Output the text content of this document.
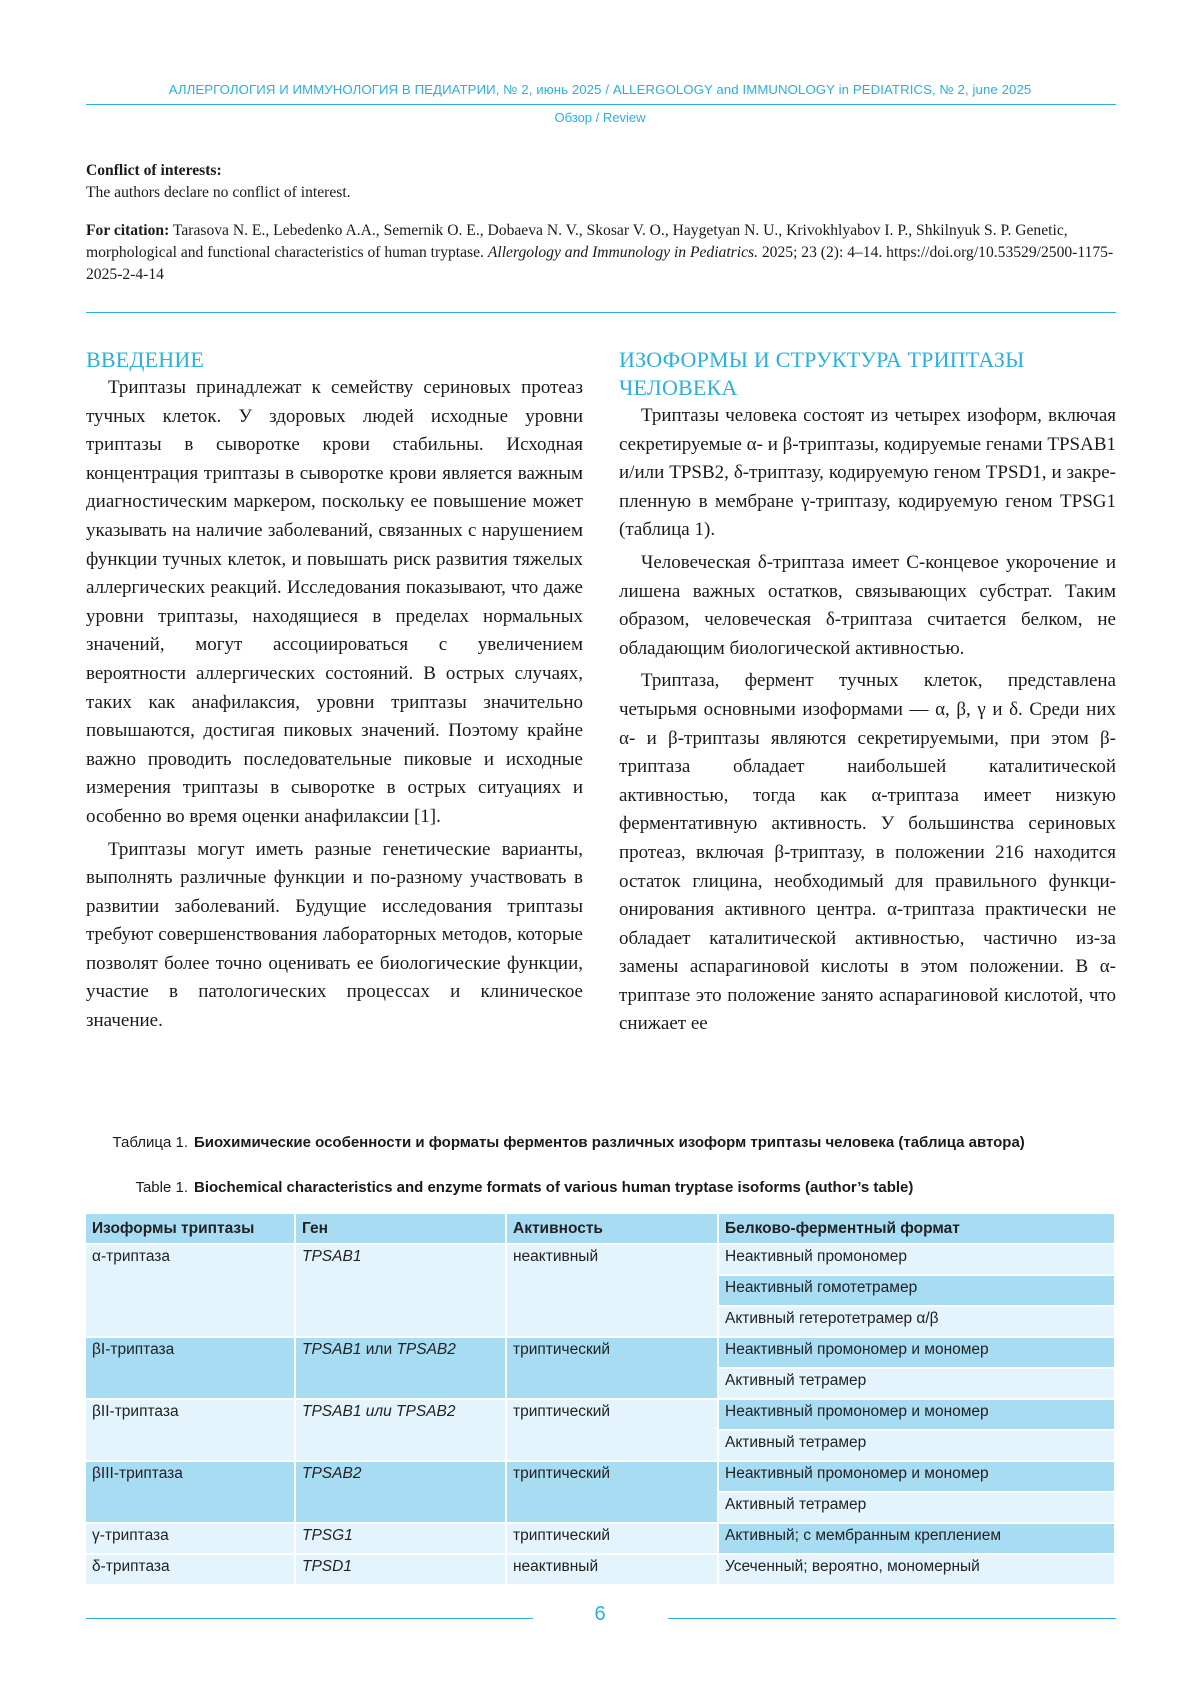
АЛЛЕРГОЛОГИЯ И ИММУНОЛОГИЯ В ПЕДИАТРИИ, № 2, июнь 2025 / ALLERGOLOGY and IMMUNOLOGY in PEDIATRICS, № 2, june 2025
Обзор / Review
Conflict of interests:
The authors declare no conflict of interest.
For citation: Tarasova N. E., Lebedenko A.A., Semernik O. E., Dobaeva N. V., Skosar V. O., Haygetyan N. U., Krivokhlyabov I. P., Shkilnyuk S. P. Genetic, morphological and functional characteristics of human tryptase. Allergology and Immunology in Pediatrics. 2025; 23 (2): 4–14. https://doi.org/10.53529/2500-1175-2025-2-4-14
ВВЕДЕНИЕ

Триптазы принадлежат к семейству сериновых протеаз тучных клеток. У здоровых людей исходные уровни триптазы в сыворотке крови стабильны. Исходная концентрация триптазы в сыворотке крови является важным диагностическим маркером, поскольку ее повышение может указывать на наличие заболеваний, связанных с нарушением функции тучных клеток, и повышать риск развития тяжелых аллергических реакций. Исследования показывают, что даже уровни триптазы, находящиеся в пределах нормальных значений, могут ассоциироваться с увеличением вероятности аллергических состояний. В острых случаях, таких как анафилаксия, уровни триптазы значительно повышаются, достигая пиковых значений. Поэтому крайне важно проводить последовательные пиковые и исходные измерения триптазы в сыворотке в острых ситуациях и особенно во время оценки анафилаксии [1].

Триптазы могут иметь разные генетические варианты, выполнять различные функции и по-разному участвовать в развитии заболеваний. Будущие исследования триптазы требуют совершенствования лабораторных методов, которые позволят более точно оценивать ее биологические функции, участие в патологических процессах и клиническое значение.

ИЗОФОРМЫ И СТРУКТУРА ТРИПТАЗЫ ЧЕЛОВЕКА

Триптазы человека состоят из четырех изоформ, включая секретируемые α- и β-триптазы, кодируемые генами TPSAB1 и/или TPSB2, δ-триптазу, кодируемую геном TPSD1, и закрепленную в мембране γ-триптазу, кодируемую геном TPSG1 (таблица 1).

Человеческая δ-триптаза имеет С-концевое укорочение и лишена важных остатков, связывающих субстрат. Таким образом, человеческая δ-триптаза считается белком, не обладающим биологической активностью.

Триптаза, фермент тучных клеток, представлена четырьмя основными изоформами — α, β, γ и δ. Среди них α- и β-триптазы являются секретируемыми, при этом β-триптаза обладает наибольшей каталитической активностью, тогда как α-триптаза имеет низкую ферментативную активность. У большинства сериновых протеаз, включая β-триптазу, в положении 216 находится остаток глицина, необходимый для правильного функционирования активного центра. α-триптаза практически не обладает каталитической активностью, частично из-за замены аспарагиновой кислоты в этом положении. В α-триптазе это положение занято аспарагиновой кислотой, что снижает ее

Таблица 1. Биохимические особенности и форматы ферментов различных изоформ триптазы человека (таблица автора)
Table 1. Biochemical characteristics and enzyme formats of various human tryptase isoforms (author’s table)
Изоформы триптазы	Ген	Активность	Белково-ферментный формат
α-триптаза	TPSAB1	неактивный	Неактивный промономер
			Неактивный гомотетрамер
			Активный гетеротетрамер α/β
βI-триптаза	TPSAB1 или TPSAB2	триптический	Неактивный промономер и мономер
			Активный тетрамер
βII-триптаза	TPSAB1 или TPSAB2	триптический	Неактивный промономер и мономер
			Активный тетрамер
βIII-триптаза	TPSAB2	триптический	Неактивный промономер и мономер
			Активный тетрамер
γ-триптаза	TPSG1	триптический	Активный; с мембранным креплением
δ-триптаза	TPSD1	неактивный	Усеченный; вероятно, мономерный
6
